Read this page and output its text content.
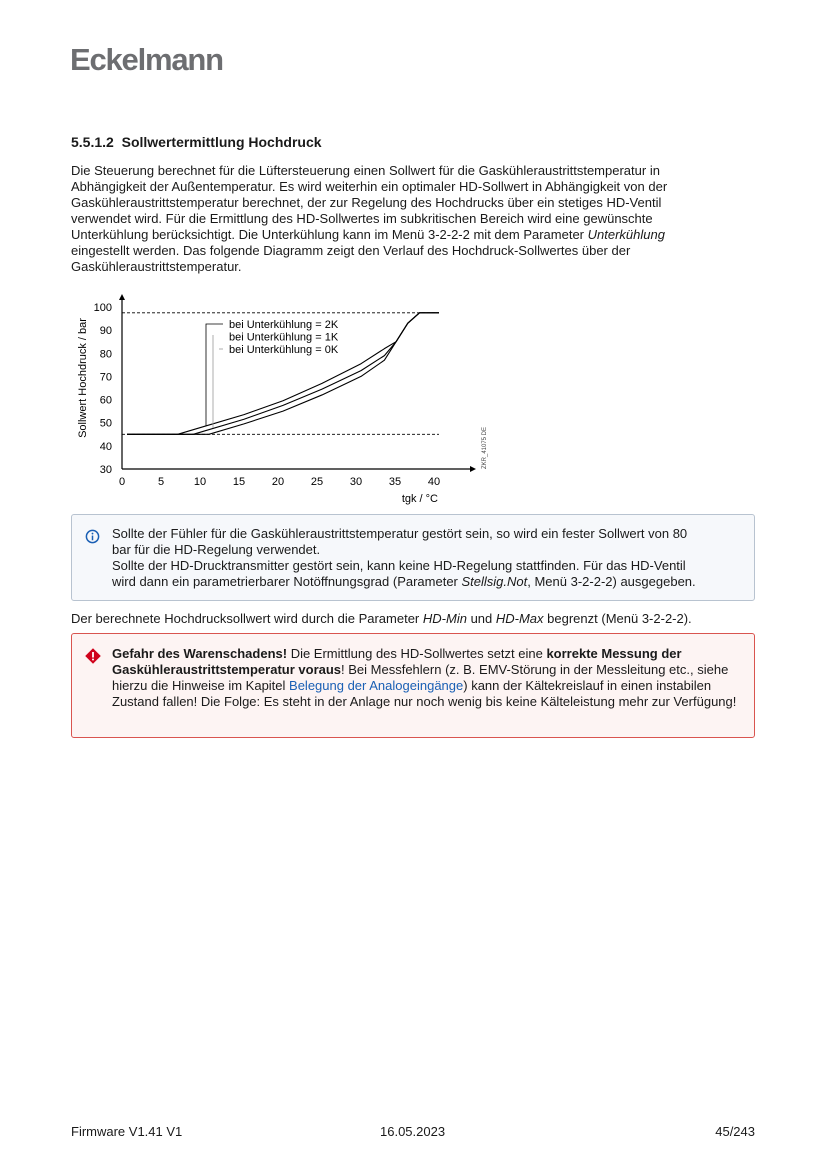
Eckelmann
5.5.1.2 Sollwertermittlung Hochdruck
Die Steuerung berechnet für die Lüftersteuerung einen Sollwert für die Gaskühleraustrittstemperatur in
Abhängigkeit der Außentemperatur. Es wird weiterhin ein optimaler HD-Sollwert in Abhängigkeit von der
Gaskühleraustrittstemperatur berechnet, der zur Regelung des Hochdrucks über ein stetiges HD-Ventil
verwendet wird. Für die Ermittlung des HD-Sollwertes im subkritischen Bereich wird eine gewünschte
Unterkühlung berücksichtigt. Die Unterkühlung kann im Menü 3-2-2-2 mit dem Parameter Unterkühlung
eingestellt werden. Das folgende Diagramm zeigt den Verlauf des Hochdruck-Sollwertes über der
Gaskühleraustrittstemperatur.
0	5	10 15 20 25 30 35 40
30
40
50
60
70
80
90
100
tgk / °C
Sollwert Hochdruck / bar
ZKR_41075 DE
bei Unterkühlung = 2K
bei Unterkühlung = 1K
bei Unterkühlung = 0K
Sollte der Fühler für die Gaskühleraustrittstemperatur gestört sein, so wird ein fester Sollwert von 80
bar für die HD-Regelung verwendet.
Sollte der HD-Drucktransmitter gestört sein, kann keine HD-Regelung stattfinden. Für das HD-Ventil
wird dann ein parametrierbarer Notöffnungsgrad (Parameter Stellsig.Not, Menü 3-2-2-2) ausgegeben.
Der berechnete Hochdrucksollwert wird durch die Parameter HD-Min und HD-Max begrenzt (Menü 3-2-2-2).
Gefahr des Warenschadens! Die Ermittlung des HD-Sollwertes setzt eine korrekte Messung der Gaskühleraustrittstemperatur voraus! Bei Messfehlern (z. B. EMV-Störung in der Messleitung etc., siehe hierzu die Hinweise im Kapitel Belegung der Analogeingänge) kann der Kältekreislauf in einen instabilen Zustand fallen! Die Folge: Es steht in der Anlage nur noch wenig bis keine Kälteleistung mehr zur Verfügung!
Firmware V1.41 V1	16.05.2023	45/243
